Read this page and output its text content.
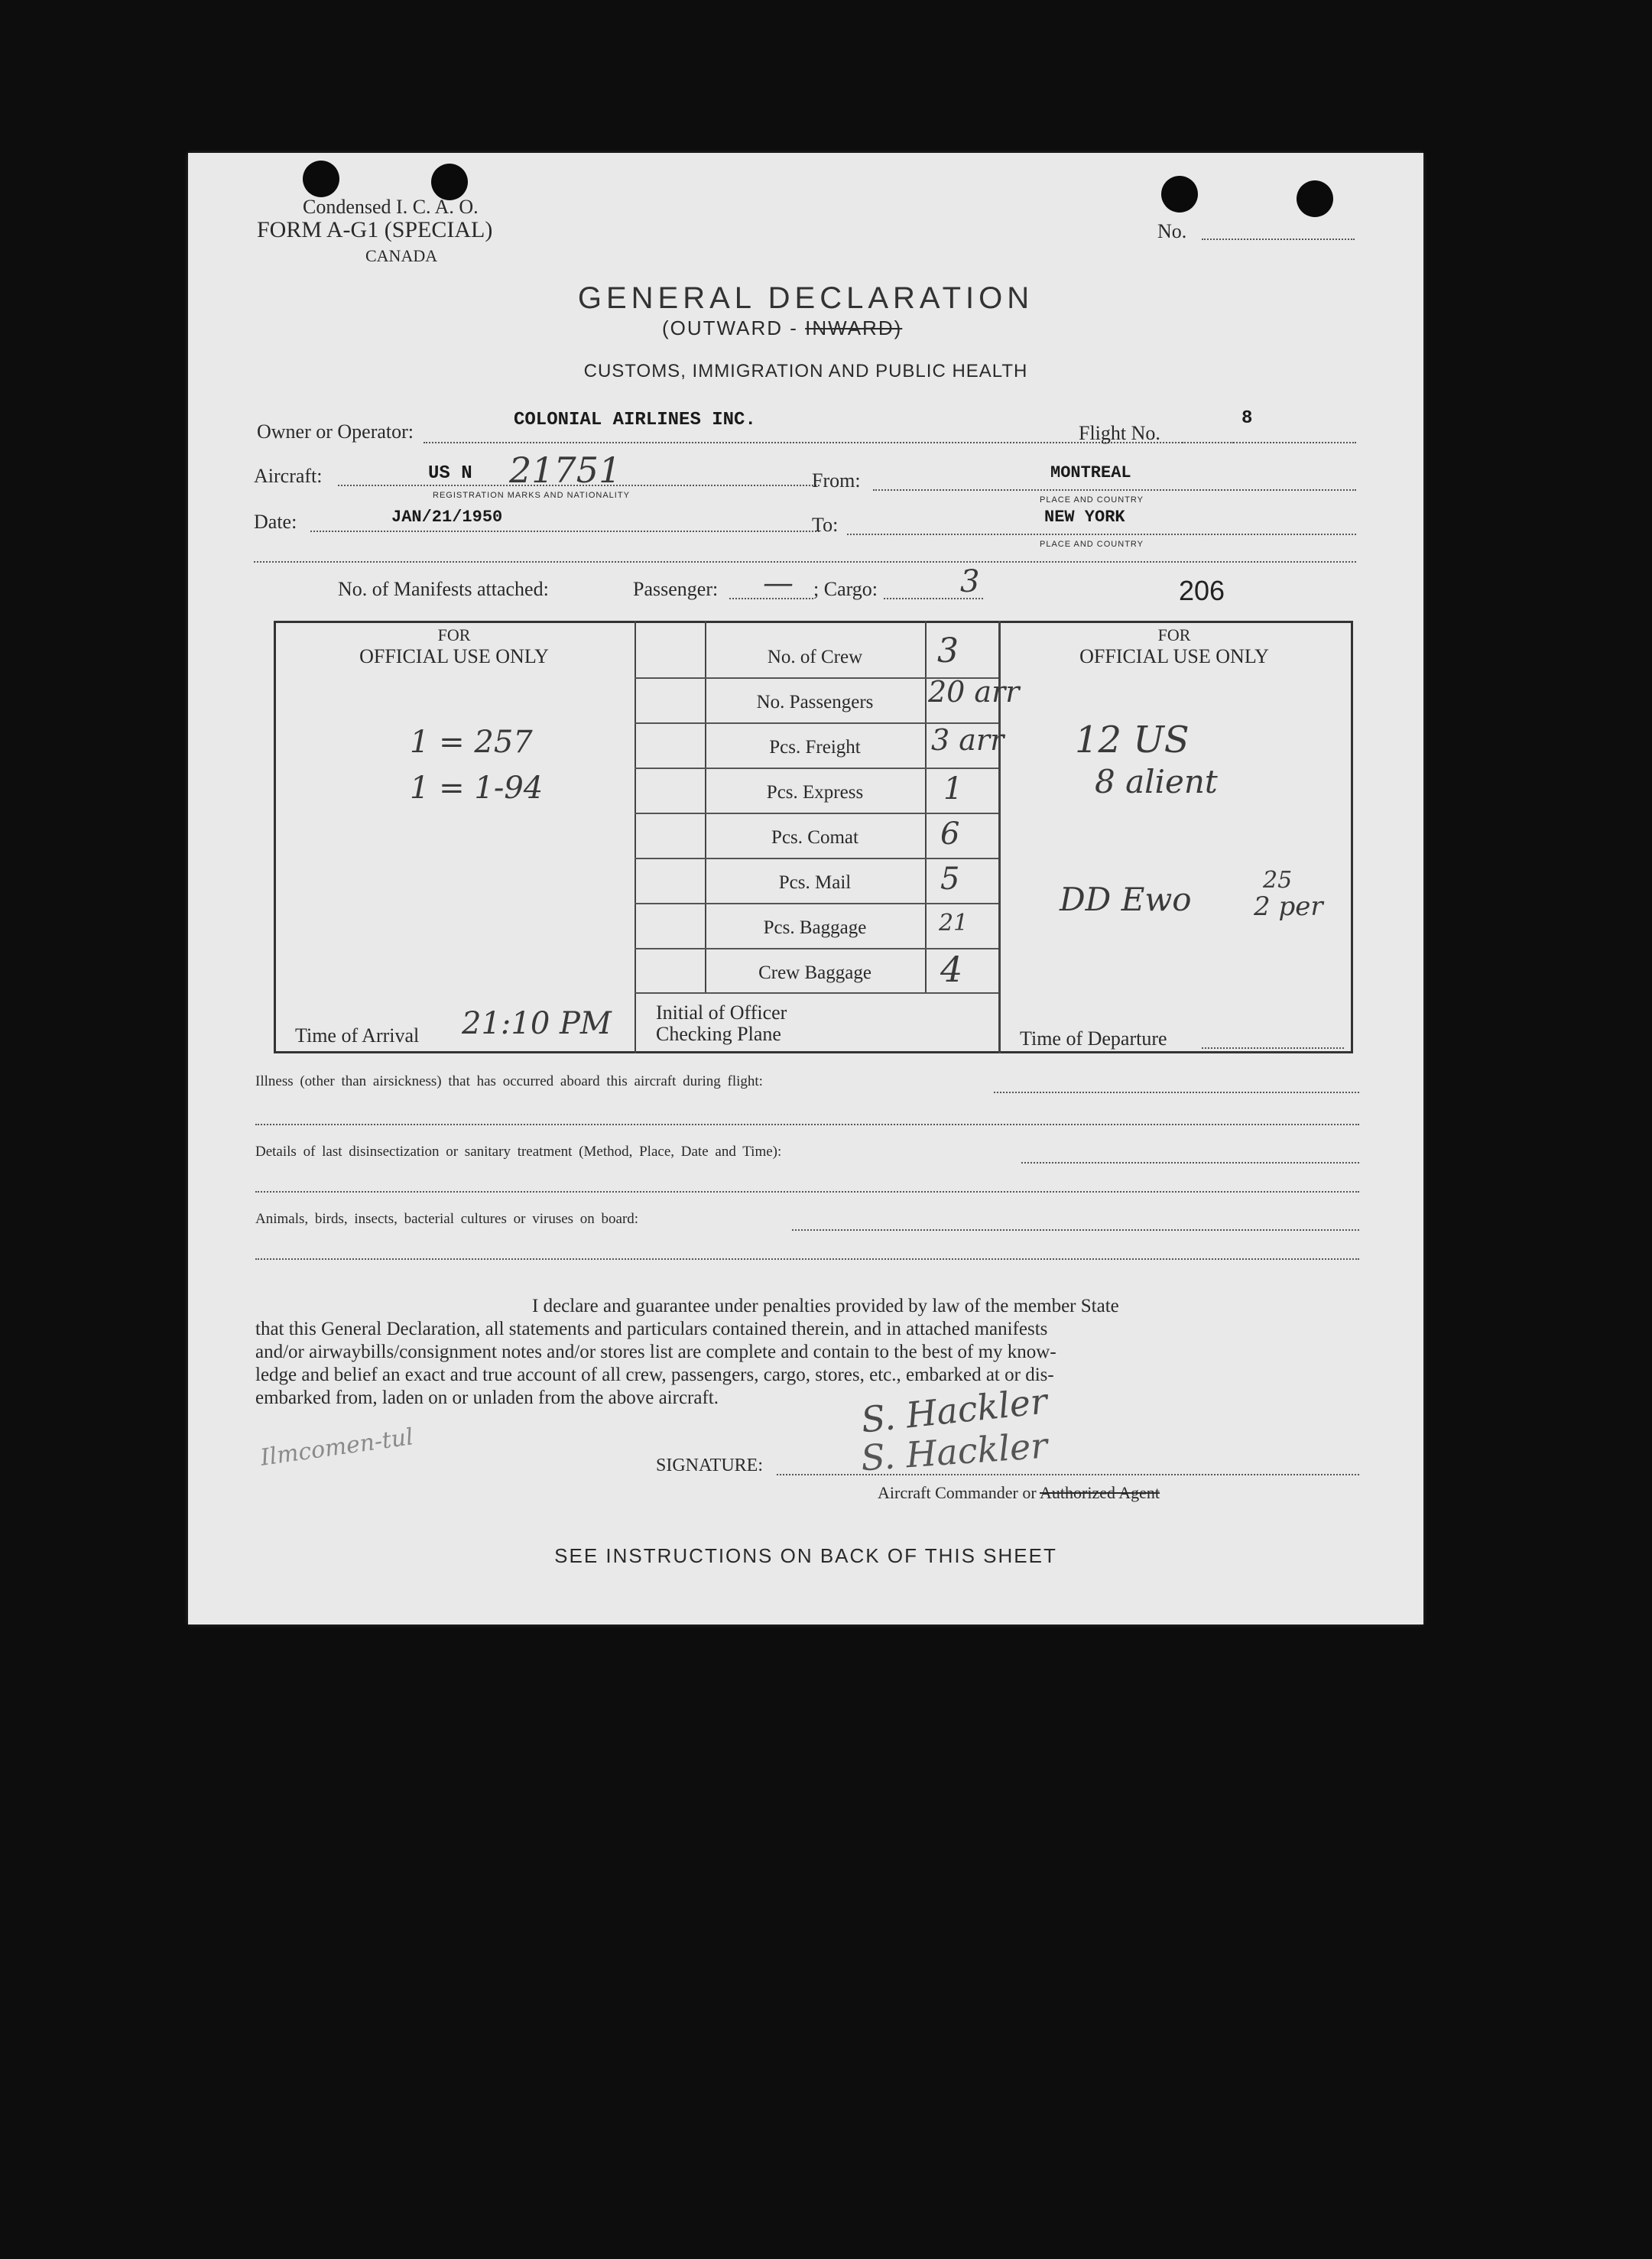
Condensed I. C. A. O.
FORM A-G1 (SPECIAL)
CANADA
No.
GENERAL DECLARATION
(OUTWARD - INWARD)
CUSTOMS, IMMIGRATION AND PUBLIC HEALTH
Owner or Operator:
COLONIAL AIRLINES INC.
Flight No.
8
Aircraft:	US N 21751
REGISTRATION MARKS AND NATIONALITY
From:	MONTREAL
PLACE AND COUNTRY
Date:	JAN/21/1950	To:	NEW YORK
PLACE AND COUNTRY
No. of Manifests attached:	Passenger: — ; Cargo:	3	206
FOR
OFFICIAL USE ONLY
1 = 257
1 = 1-94
FOR
OFFICIAL USE ONLY
12 US
8 alient
DD Ewo
25
2 per
No. of Crew	3
No. Passengers	20 arr
Pcs. Freight	3 arr
Pcs. Express	1
Pcs. Comat	6
Pcs. Mail	5
Pcs. Baggage	21
Crew Baggage	4
Time of Arrival 21:10 PM Initial of Officer
Checking Plane	Time of Departure
Illness (other than airsickness) that has occurred aboard this aircraft during flight:
Details of last disinsectization or sanitary treatment (Method, Place, Date and Time):
Animals, birds, insects, bacterial cultures or viruses on board:
I declare and guarantee under penalties provided by law of the member State
that this General Declaration, all statements and particulars contained therein, and in attached manifests
and/or airwaybills/consignment notes and/or stores list are complete and contain to the best of my know-
ledge and belief an exact and true account of all crew, passengers, cargo, stores, etc., embarked at or dis-
embarked from, laden on or unladen from the above aircraft.
Ilmcomen-tul	SIGNATURE:
S. Hackler
S. Hackler
Aircraft Commander or Authorized Agent
SEE INSTRUCTIONS ON BACK OF THIS SHEET
